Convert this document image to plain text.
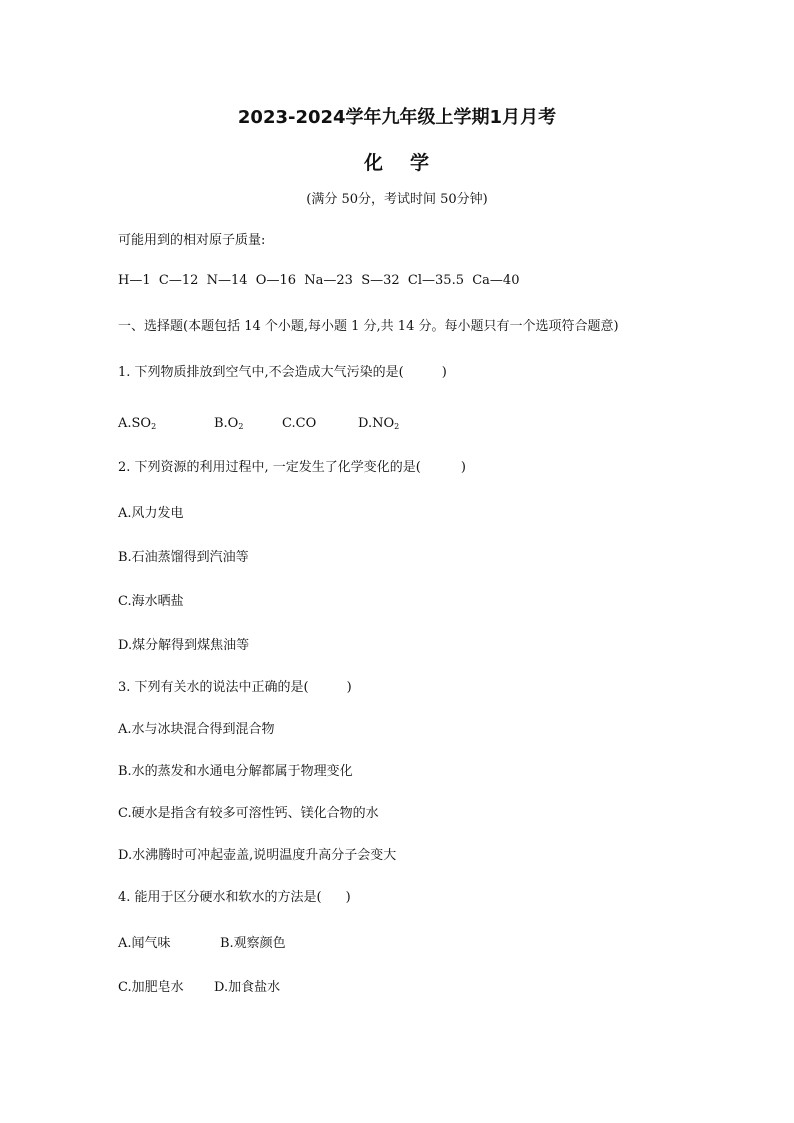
2023-2024学年九年级上学期1月月考
化 学
(满分 50分，考试时间 50分钟)
可能用到的相对原子质量:
H—1  C—12  N—14  O—16  Na—23  S—32  Cl—35.5  Ca—40
一、选择题(本题包括 14 个小题,每小题 1 分,共 14 分。每小题只有一个选项符合题意)
1. 下列物质排放到空气中,不会造成大气污染的是(	)
$A.SO_2$	$B.O_2$	C.CO	$D.NO_2$
2. 下列资源的利用过程中, 一定发生了化学变化的是(	)
A.风力发电
B.石油蒸馏得到汽油等
C.海水晒盐
D.煤分解得到煤焦油等
3. 下列有关水的说法中正确的是(	)
A.水与冰块混合得到混合物
B.水的蒸发和水通电分解都属于物理变化
C.硬水是指含有较多可溶性钙、镁化合物的水
D.水沸腾时可冲起壶盖,说明温度升高分子会变大
4. 能用于区分硬水和软水的方法是( )
A.闻气味	B.观察颜色
C.加肥皂水 D.加食盐水
